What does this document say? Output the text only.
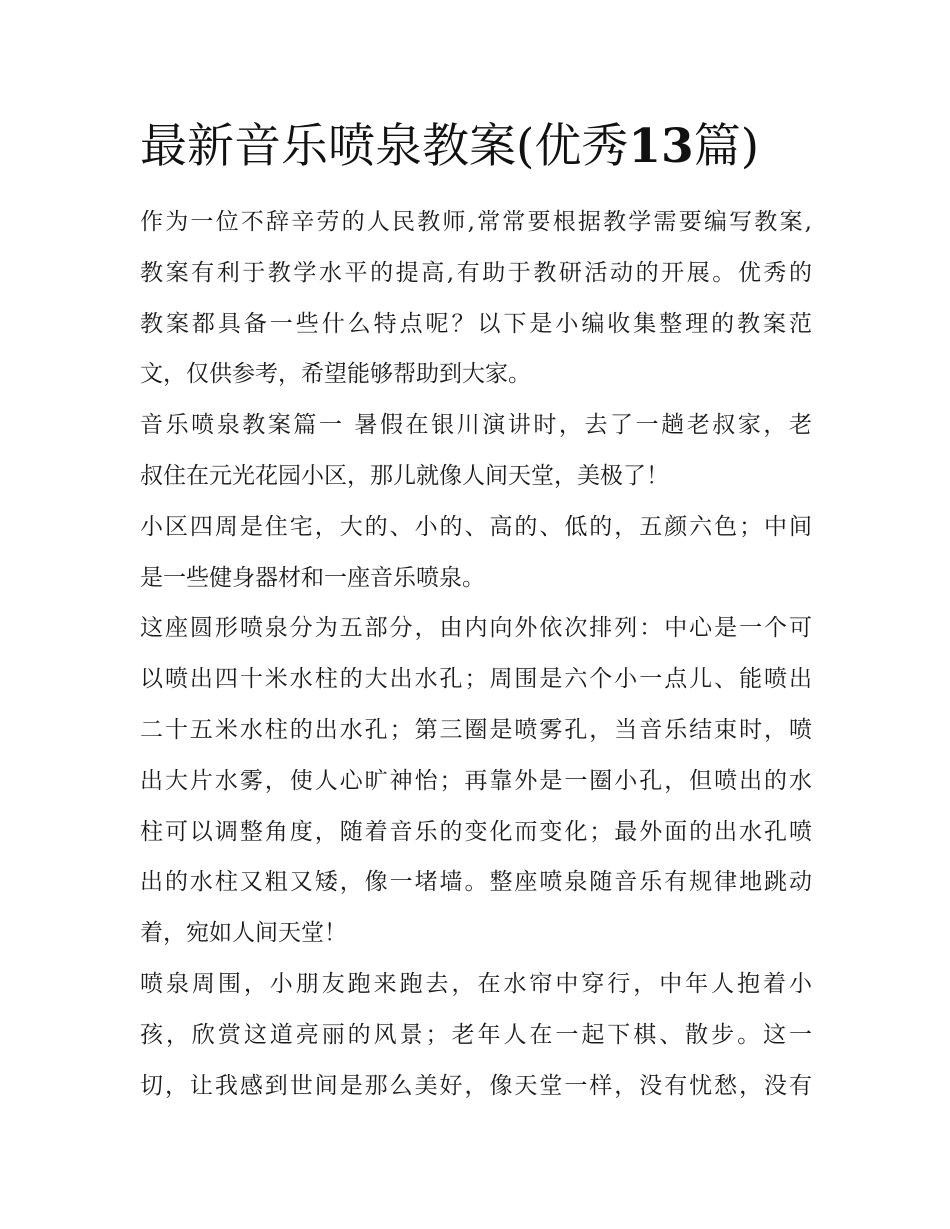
最新音乐喷泉教案(优秀13篇)

作为一位不辞辛劳的人民教师,常常要根据教学需要编写教案,
教案有利于教学水平的提高,有助于教研活动的开展。优秀的
教案都具备一些什么特点呢？以下是小编收集整理的教案范
文，仅供参考，希望能够帮助到大家。

音乐喷泉教案篇一 暑假在银川演讲时，去了一趟老叔家，老
叔住在元光花园小区，那儿就像人间天堂，美极了！

小区四周是住宅，大的、小的、高的、低的，五颜六色；中间
是一些健身器材和一座音乐喷泉。

这座圆形喷泉分为五部分，由内向外依次排列：中心是一个可
以喷出四十米水柱的大出水孔；周围是六个小一点儿、能喷出
二十五米水柱的出水孔；第三圈是喷雾孔，当音乐结束时，喷
出大片水雾，使人心旷神怡；再靠外是一圈小孔，但喷出的水
柱可以调整角度，随着音乐的变化而变化；最外面的出水孔喷
出的水柱又粗又矮，像一堵墙。整座喷泉随音乐有规律地跳动
着，宛如人间天堂！

喷泉周围，小朋友跑来跑去，在水帘中穿行，中年人抱着小
孩，欣赏这道亮丽的风景；老年人在一起下棋、散步。这一
切，让我感到世间是那么美好，像天堂一样，没有忧愁，没有
